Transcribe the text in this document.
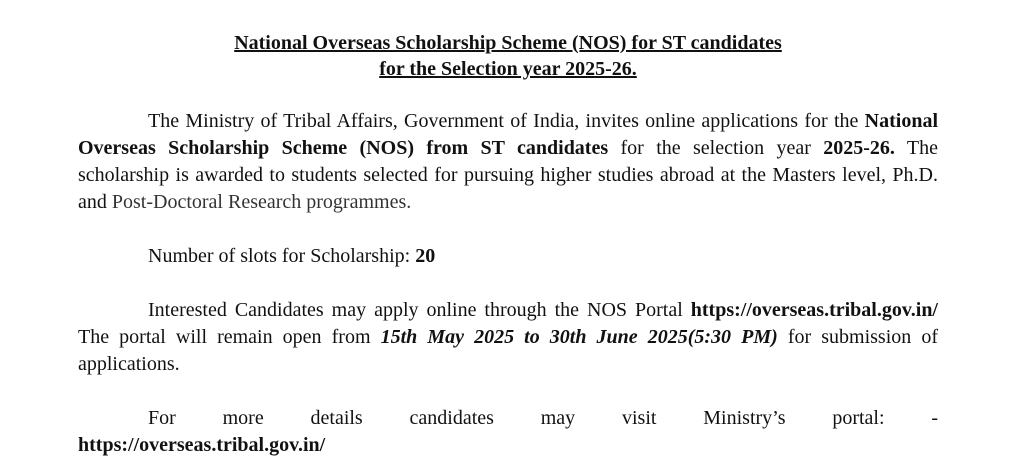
National Overseas Scholarship Scheme (NOS) for ST candidates
for the Selection year 2025-26.

The Ministry of Tribal Affairs, Government of India, invites online applications for the National Overseas Scholarship Scheme (NOS) from ST candidates for the selection year 2025-26. The scholarship is awarded to students selected for pursuing higher studies abroad at the Masters level, Ph.D. and Post-Doctoral Research programmes.

Number of slots for Scholarship: 20

Interested Candidates may apply online through the NOS Portal https://overseas.tribal.gov.in/ The portal will remain open from 15th May 2025 to 30th June 2025(5:30 PM) for submission of applications.

For more details candidates may visit Ministry’s portal: -

https://overseas.tribal.gov.in/
